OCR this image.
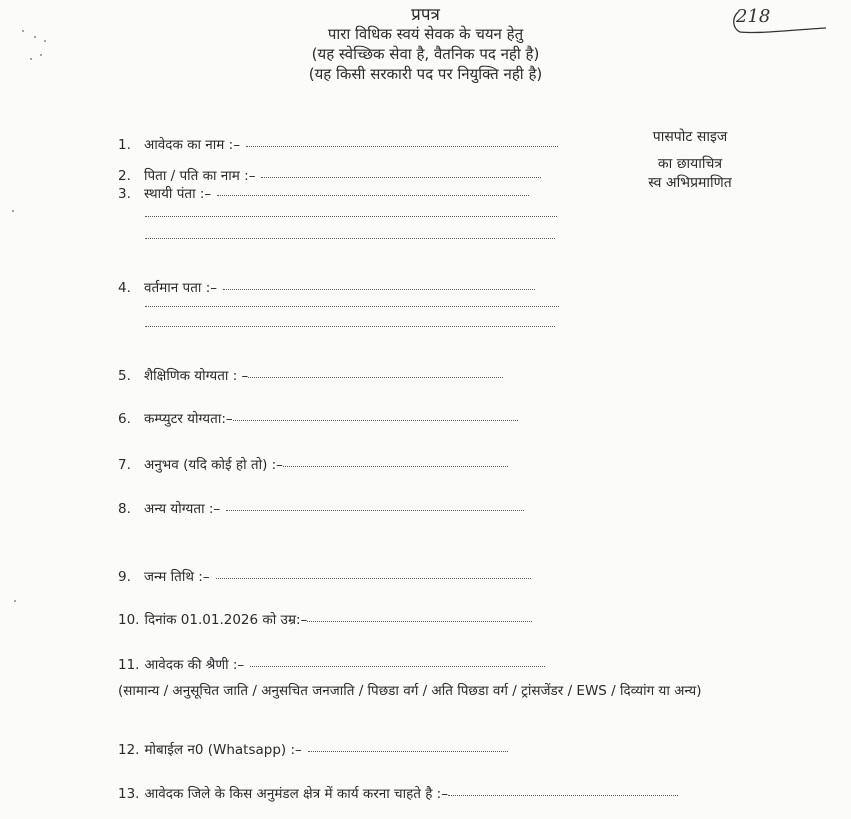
218
प्रपत्र
पारा विधिक स्वयं सेवक के चयन हेतु
(यह स्वेच्छिक सेवा है, वैतनिक पद नही है)
(यह किसी सरकारी पद पर नियुक्ति नही है)
पासपोट साइज
का छायाचित्र
स्व अभिप्रमाणित
1. आवेदक का नाम :–
2. पिता / पति का नाम :–
3. स्थायी पंता :–
4. वर्तमान पता :–
5. शैक्षिणिक योग्यता : –
6. कम्प्युटर योग्यता:–
7. अनुभव (यदि कोई हो तो) :–
8. अन्य योग्यता :–
9. जन्म तिथि :–
10. दिनांक 01.01.2026 को उम्र:–
11. आवेदक की श्रैणी :–
(सामान्य / अनुसूचित जाति / अनुसचित जनजाति / पिछडा वर्ग / अति पिछडा वर्ग / ट्रांसजेंडर / EWS / दिव्यांग या अन्य)
12. मोबाईल न0 (Whatsapp) :–
13. आवेदक जिले के किस अनुमंडल क्षेत्र में कार्य करना चाहते है :–
